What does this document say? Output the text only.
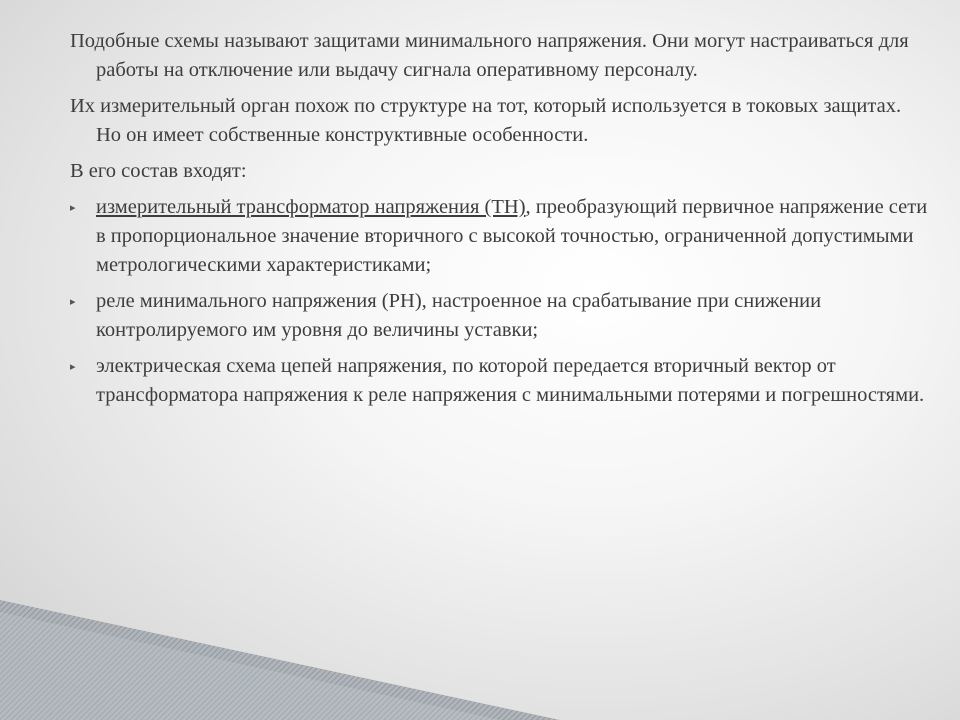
Подобные схемы называют защитами минимального напряжения. Они могут настраиваться для работы на отключение или выдачу сигнала оперативному персоналу.

Их измерительный орган похож по структуре на тот, который используется в токовых защитах. Но он имеет собственные конструктивные особенности.

В его состав входят:

▸ измерительный трансформатор напряжения (ТН), преобразующий первичное напряжение сети в пропорциональное значение вторичного с высокой точностью, ограниченной допустимыми метрологическими характеристиками;
▸ реле минимального напряжения (РН), настроенное на срабатывание при снижении контролируемого им уровня до величины уставки;
▸ электрическая схема цепей напряжения, по которой передается вторичный вектор от трансформатора напряжения к реле напряжения с минимальными потерями и погрешностями.
